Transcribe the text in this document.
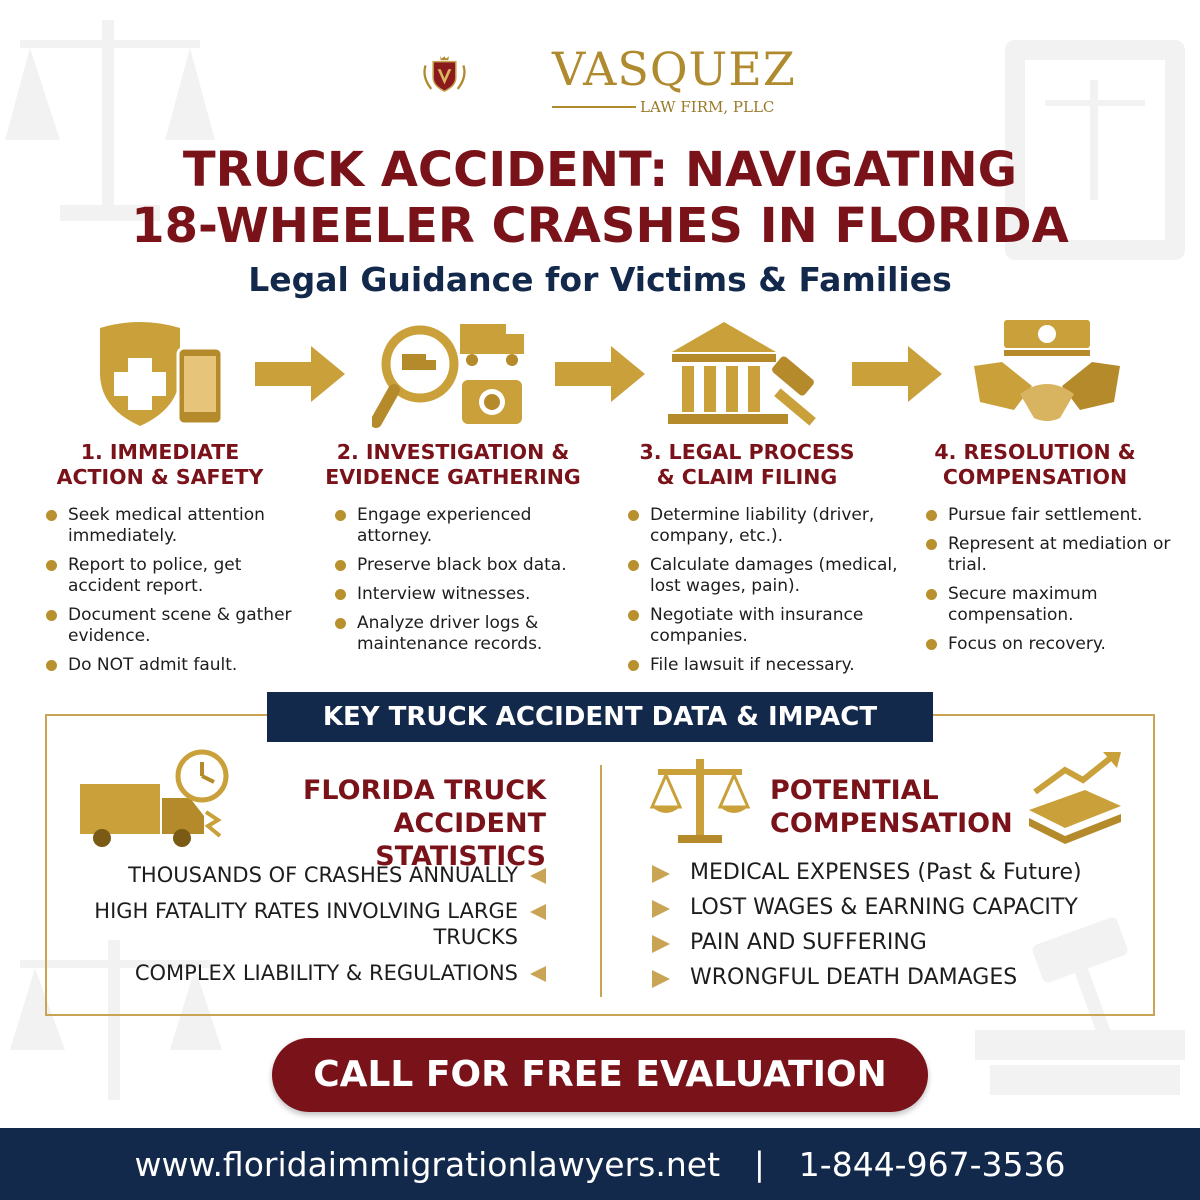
VASQUEZ
LAW FIRM, PLLC
TRUCK ACCIDENT: NAVIGATING
18-WHEELER CRASHES IN FLORIDA
Legal Guidance for Victims & Families
1. IMMEDIATE
ACTION & SAFETY
2. INVESTIGATION &
EVIDENCE GATHERING
3. LEGAL PROCESS
& CLAIM FILING
4. RESOLUTION &
COMPENSATION
Seek medical attention immediately.
Report to police, get accident report.
Document scene & gather evidence.
Do NOT admit fault.
Engage experienced attorney.
Preserve black box data.
Interview witnesses.
Analyze driver logs & maintenance records.
Determine liability (driver, company, etc.).
Calculate damages (medical, lost wages, pain).
Negotiate with insurance companies.
File lawsuit if necessary.
Pursue fair settlement.
Represent at mediation or trial.
Secure maximum compensation.
Focus on recovery.
KEY TRUCK ACCIDENT DATA & IMPACT
FLORIDA TRUCK
ACCIDENT STATISTICS
THOUSANDS OF CRASHES ANNUALLY
HIGH FATALITY RATES INVOLVING LARGE TRUCKS
COMPLEX LIABILITY & REGULATIONS
POTENTIAL
COMPENSATION
MEDICAL EXPENSES (Past & Future)
LOST WAGES & EARNING CAPACITY
PAIN AND SUFFERING
WRONGFUL DEATH DAMAGES
CALL FOR FREE EVALUATION
www.floridaimmigrationlawyers.net | 1-844-967-3536
